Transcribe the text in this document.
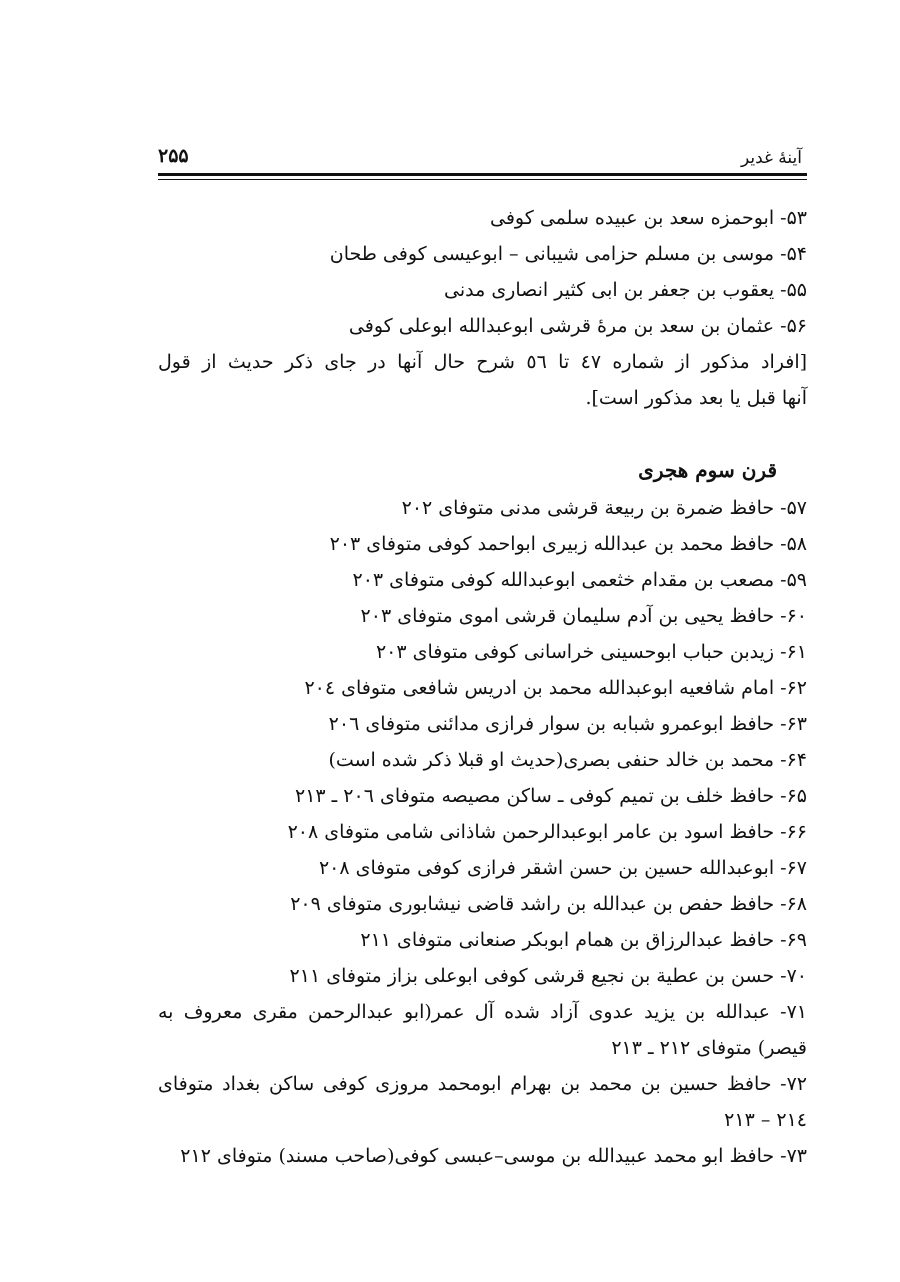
آینهٔ غدیر
۲۵۵
۵۳- ابوحمزه سعد بن عبیده سلمی کوفی
۵۴- موسی بن مسلم حزامی شیبانی – ابوعیسی کوفی طحان
۵۵- یعقوب بن جعفر بن ابی کثیر انصاری مدنی
۵۶- عثمان بن سعد بن مرهٔ قرشی ابوعبدالله ابوعلی کوفی
[افراد مذکور از شماره ٤٧ تا ٥٦ شرح حال آنها در جای ذکر حدیث از قول
آنها قبل یا بعد مذکور است].
قرن سوم هجری
۵۷- حافظ ضمرة بن ربیعة قرشی مدنی متوفای ۲۰۲
۵۸- حافظ محمد بن عبدالله زبیری ابواحمد کوفی متوفای ۲۰۳
۵۹- مصعب بن مقدام خثعمی ابوعبدالله کوفی متوفای ۲۰۳
۶۰- حافظ یحیی بن آدم سلیمان قرشی اموی متوفای ۲۰۳
۶۱- زیدبن حباب ابوحسینی خراسانی کوفی متوفای ۲۰۳
۶۲- امام شافعیه ابوعبدالله محمد بن ادریس شافعی متوفای ٢٠٤
۶۳- حافظ ابوعمرو شبابه بن سوار فرازی مدائنی متوفای ٢٠٦
۶۴- محمد بن خالد حنفی بصری(حدیث او قبلا ذکر شده است)
۶۵- حافظ خلف بن تمیم کوفی ـ ساکن مصیصه متوفای ٢٠٦ ـ ۲۱۳
۶۶- حافظ اسود بن عامر ابوعبدالرحمن شاذانی شامی متوفای ۲۰۸
۶۷- ابوعبدالله حسین بن حسن اشقر فرازی کوفی متوفای ۲۰۸
۶۸- حافظ حفص بن عبدالله بن راشد قاضی نیشابوری متوفای ۲۰۹
۶۹- حافظ عبدالرزاق بن همام ابوبکر صنعانی متوفای ۲۱۱
۷۰- حسن بن عطیة بن نجیع قرشی کوفی ابوعلی بزاز متوفای ۲۱۱
۷۱- عبدالله بن یزید عدوی آزاد شده آل عمر(ابو عبدالرحمن مقری معروف به
قیصر) متوفای ۲۱۲ ـ ۲۱۳
۷۲- حافظ حسین بن محمد بن بهرام ابومحمد مروزی کوفی ساکن بغداد متوفای
۲۱٤ – ۲۱۳
۷۳- حافظ ابو محمد عبیدالله بن موسی–عبسی کوفی(صاحب مسند) متوفای ۲۱۲
